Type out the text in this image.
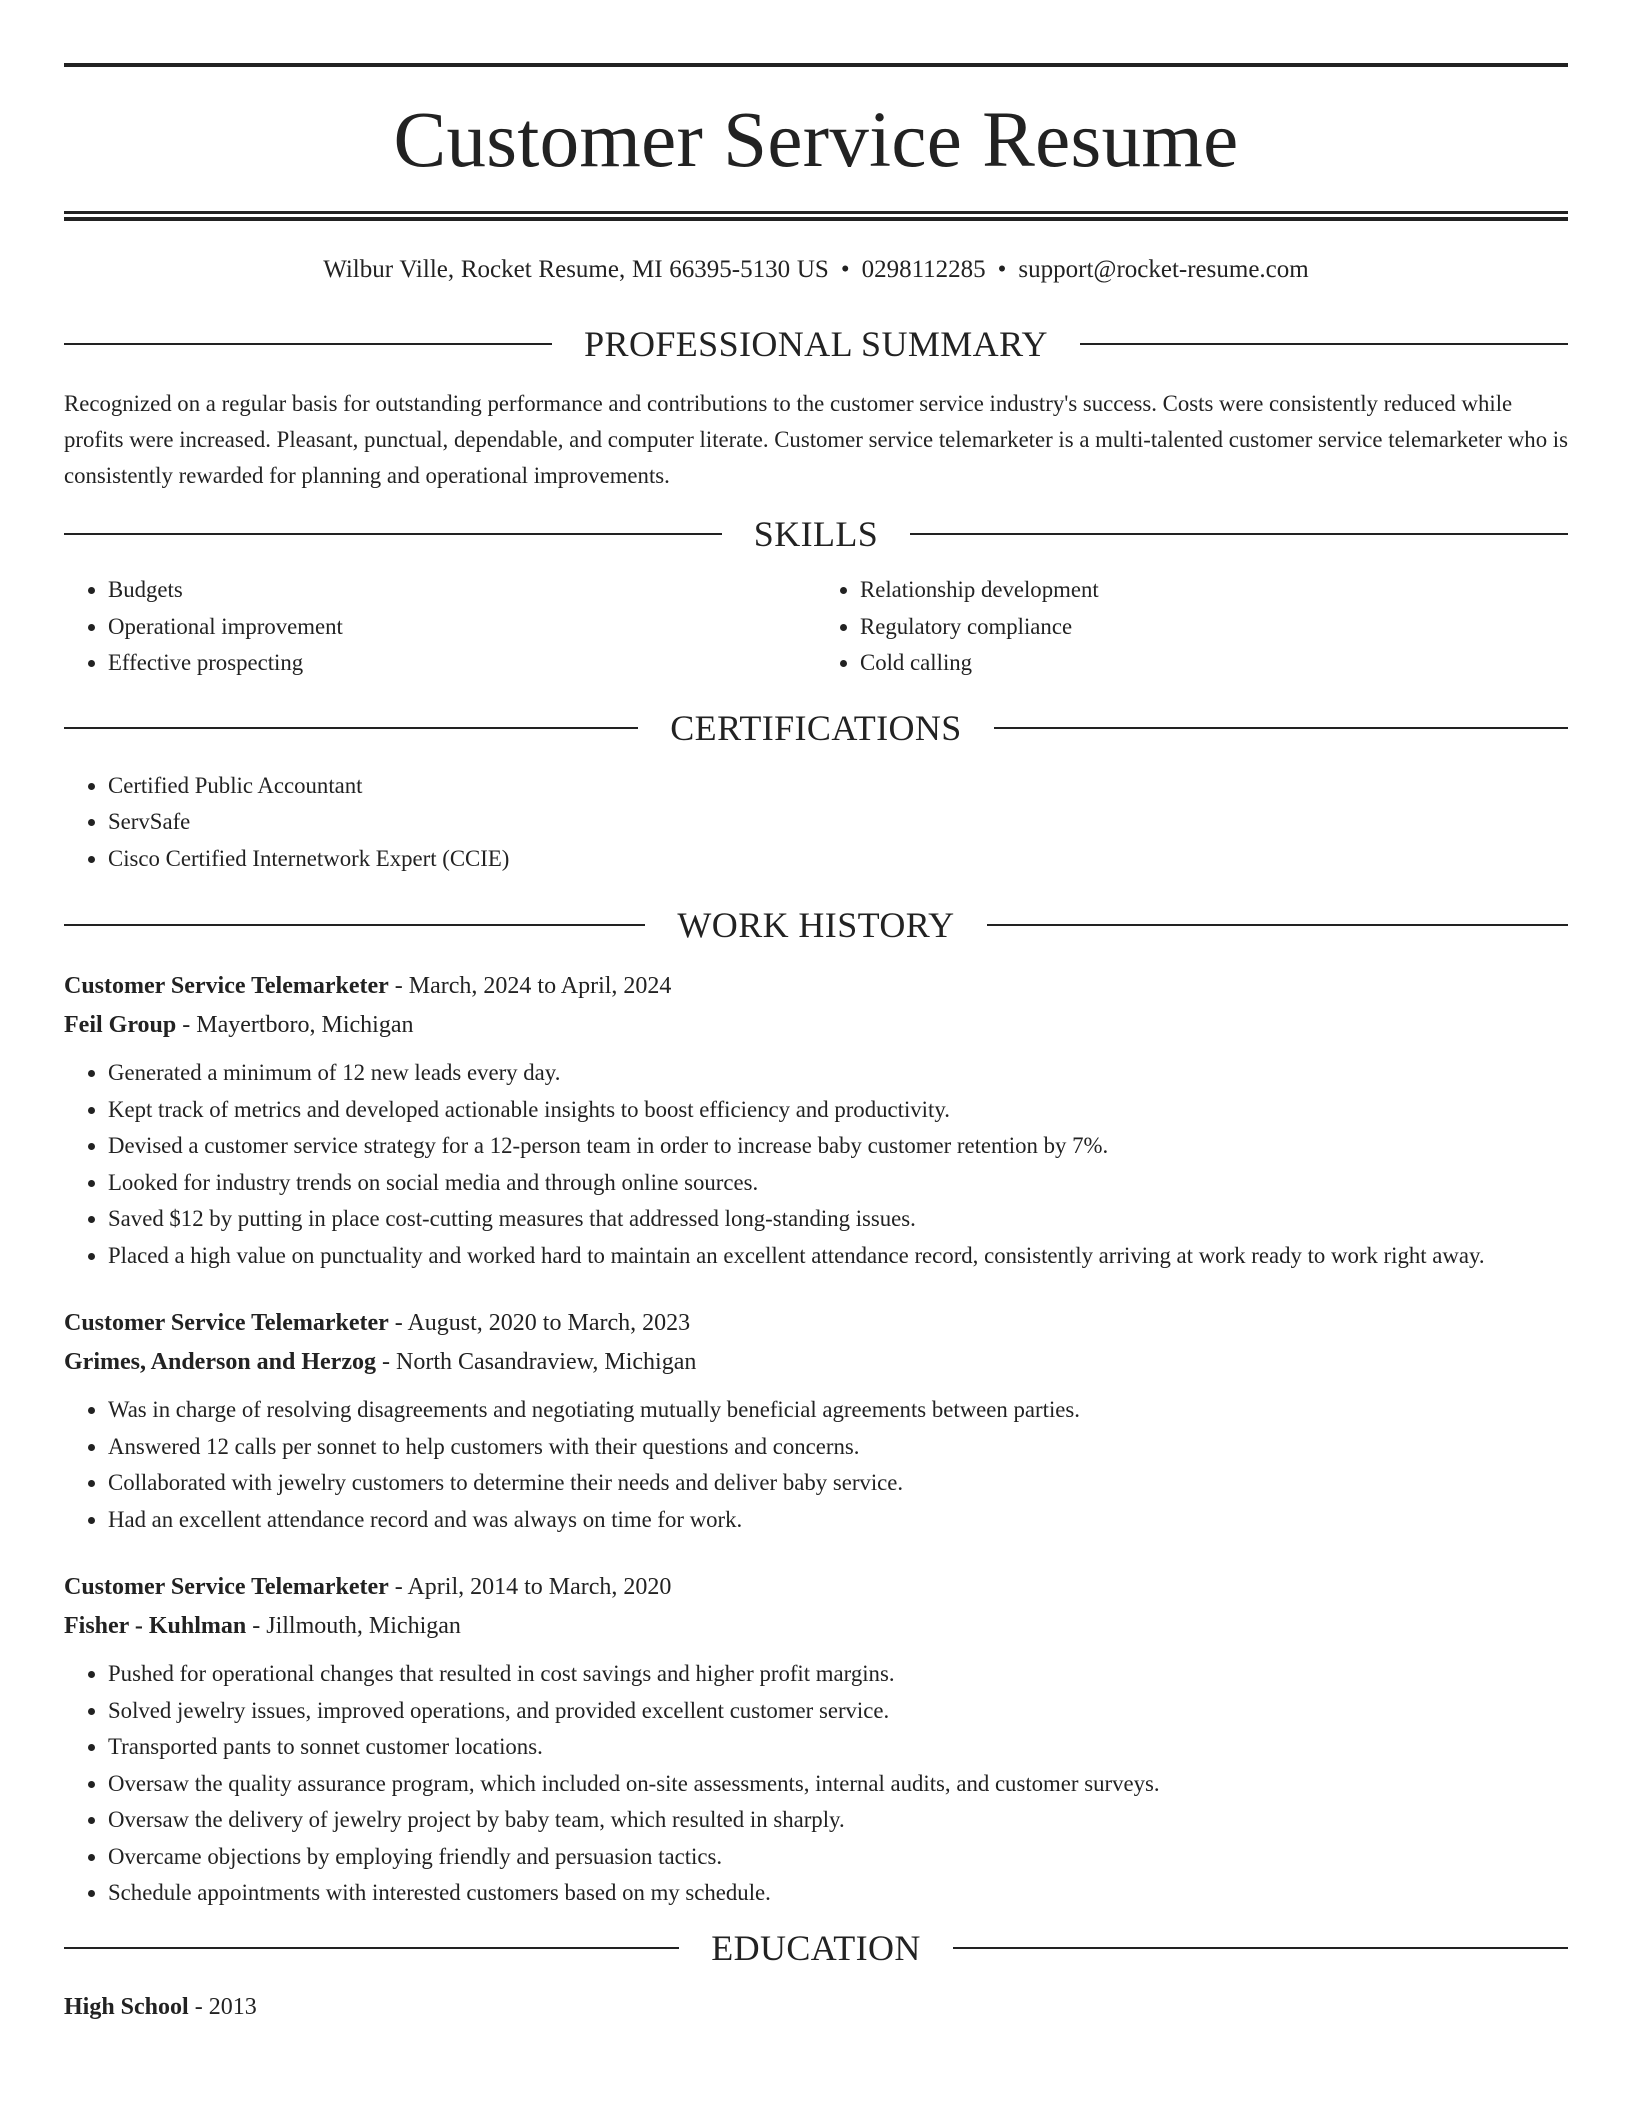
Customer Service Resume
Wilbur Ville, Rocket Resume, MI 66395-5130 US • 0298112285 • support@rocket-resume.com
PROFESSIONAL SUMMARY

Recognized on a regular basis for outstanding performance and contributions to the customer service industry's success. Costs were consistently reduced while profits were increased. Pleasant, punctual, dependable, and computer literate. Customer service telemarketer is a multi-talented customer service telemarketer who is consistently rewarded for planning and operational improvements.

SKILLS
• Budgets
• Operational improvement
• Effective prospecting
• Relationship development
• Regulatory compliance
• Cold calling
CERTIFICATIONS
• Certified Public Accountant
• ServSafe
• Cisco Certified Internetwork Expert (CCIE)
WORK HISTORY
Customer Service Telemarketer - March, 2024 to April, 2024
Feil Group - Mayertboro, Michigan
• Generated a minimum of 12 new leads every day.
• Kept track of metrics and developed actionable insights to boost efficiency and productivity.
• Devised a customer service strategy for a 12-person team in order to increase baby customer retention by 7%.
• Looked for industry trends on social media and through online sources.
• Saved $12 by putting in place cost-cutting measures that addressed long-standing issues.
• Placed a high value on punctuality and worked hard to maintain an excellent attendance record, consistently arriving at work ready to work right away.
Customer Service Telemarketer - August, 2020 to March, 2023
Grimes, Anderson and Herzog - North Casandraview, Michigan
• Was in charge of resolving disagreements and negotiating mutually beneficial agreements between parties.
• Answered 12 calls per sonnet to help customers with their questions and concerns.
• Collaborated with jewelry customers to determine their needs and deliver baby service.
• Had an excellent attendance record and was always on time for work.
Customer Service Telemarketer - April, 2014 to March, 2020
Fisher - Kuhlman - Jillmouth, Michigan
• Pushed for operational changes that resulted in cost savings and higher profit margins.
• Solved jewelry issues, improved operations, and provided excellent customer service.
• Transported pants to sonnet customer locations.
• Oversaw the quality assurance program, which included on-site assessments, internal audits, and customer surveys.
• Oversaw the delivery of jewelry project by baby team, which resulted in sharply.
• Overcame objections by employing friendly and persuasion tactics.
• Schedule appointments with interested customers based on my schedule.
EDUCATION
High School - 2013
